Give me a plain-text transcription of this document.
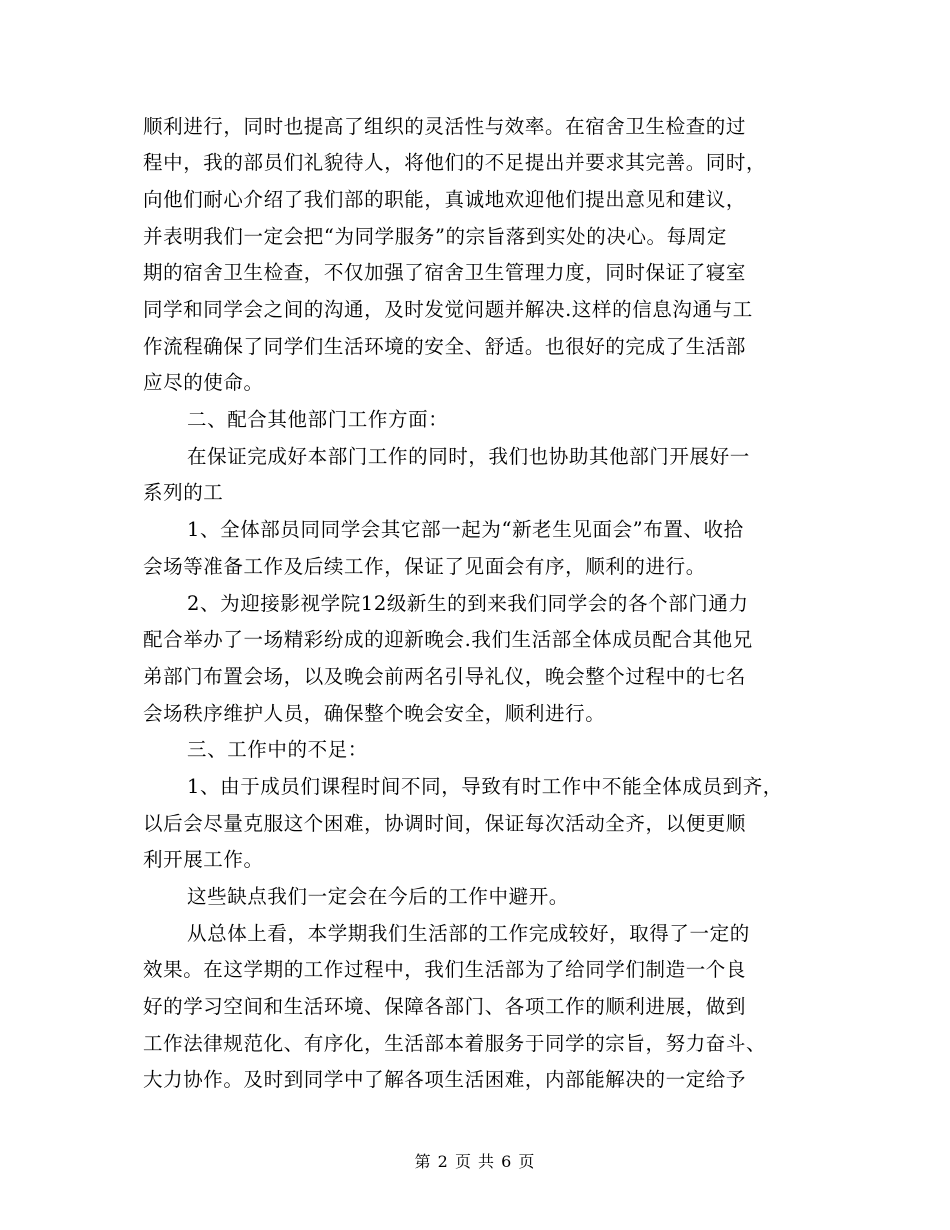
顺利进行，同时也提高了组织的灵活性与效率。在宿舍卫生检查的过
程中，我的部员们礼貌待人，将他们的不足提出并要求其完善。同时，
向他们耐心介绍了我们部的职能，真诚地欢迎他们提出意见和建议，
并表明我们一定会把“为同学服务”的宗旨落到实处的决心。每周定
期的宿舍卫生检查，不仅加强了宿舍卫生管理力度，同时保证了寝室
同学和同学会之间的沟通，及时发觉问题并解决.这样的信息沟通与工
作流程确保了同学们生活环境的安全、舒适。也很好的完成了生活部
应尽的使命。
二、配合其他部门工作方面：
在保证完成好本部门工作的同时，我们也协助其他部门开展好一
系列的工
1、全体部员同同学会其它部一起为“新老生见面会”布置、收拾
会场等准备工作及后续工作，保证了见面会有序，顺利的进行。
2、为迎接影视学院12级新生的到来我们同学会的各个部门通力
配合举办了一场精彩纷成的迎新晚会.我们生活部全体成员配合其他兄
弟部门布置会场，以及晚会前两名引导礼仪，晚会整个过程中的七名
会场秩序维护人员，确保整个晚会安全，顺利进行。
三、工作中的不足：
1、由于成员们课程时间不同，导致有时工作中不能全体成员到齐，
以后会尽量克服这个困难，协调时间，保证每次活动全齐，以便更顺
利开展工作。
这些缺点我们一定会在今后的工作中避开。
从总体上看，本学期我们生活部的工作完成较好，取得了一定的
效果。在这学期的工作过程中，我们生活部为了给同学们制造一个良
好的学习空间和生活环境、保障各部门、各项工作的顺利进展，做到
工作法律规范化、有序化，生活部本着服务于同学的宗旨，努力奋斗、
大力协作。及时到同学中了解各项生活困难，内部能解决的一定给予
第 2 页 共 6 页
